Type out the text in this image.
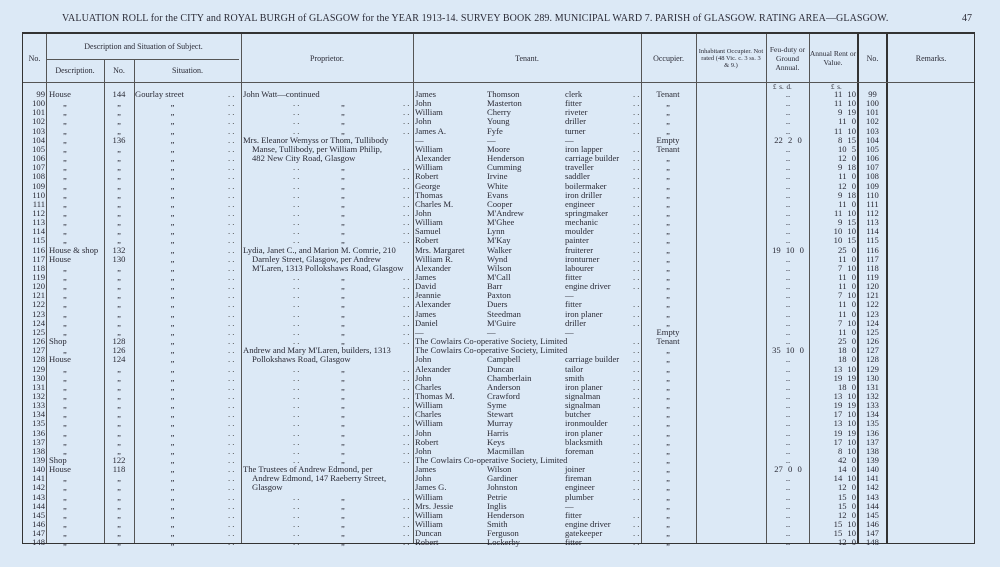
VALUATION ROLL for the CITY and ROYAL BURGH of GLASGOW for the YEAR 1913-14. SURVEY BOOK 289. MUNICIPAL WARD 7. PARISH of GLASGOW. RATING AREA—GLASGOW.	47
No.
Description and Situation of Subject.
Description.	No.	Situation.
Proprietor.	Tenant.	Occupier.
Inhabitant Occupier. Not rated (48 Vic. c. 3 ss. 3 & 9.)
Feu-duty or Ground Annual.
Annual Rent or Value.	No.	Remarks.
£ s. d.	£ s.
99 House	144	Gourlay street	. . John Watt—continued	James	Thomson	clerk	. .	Tenant	..	11 10	99
100	„	„	„	. .	. .	„	. . John	Masterton	fitter	. .	„	..	11 10	100
101	„	„	„	. .	. .	„	. . William	Cherry	riveter	. .	„	..	9 19	101
102	„	„	„	. .	. .	„	. . John	Young	driller	. .	„	..	11 0	102
103	„	„	„	. .	. .	„	. . James A.	Fyfe	turner	. .	„	..	11 10	103
104	„	136	„	. . Mrs. Eleanor Wemyss or Thom, Tullibody	—	—	—	Empty	22 2 0	8 15	104
105	„	„	„	. . Manse, Tullibody, per William Philip,	William	Moore	iron lapper	. .	Tenant	..	10 5	105
106	„	„	„	. . 482 New City Road, Glasgow	Alexander	Henderson	carriage builder . .	„	..	12 0	106
107	„	„	„	. .	. .	„	. . William	Cumming	traveller	. .	„	..	9 18	107
108	„	„	„	. .	. .	„	. . Robert	Irvine	saddler	. .	„	..	11 0	108
109	„	„	„	. .	. .	„	. . George	White	boilermaker	. .	„	..	12 0	109
110	„	„	„	. .	. .	„	. . Thomas	Evans	iron driller	. .	„	..	9 18	110
111	„	„	„	. .	. .	„	. . Charles M.	Cooper	engineer	. .	„	..	11 0	111
112	„	„	„	. .	. .	„	. . John	M'Andrew	springmaker	. .	„	..	11 10	112
113	„	„	„	. .	. .	„	. . William	M'Ghee	mechanic	. .	„	..	9 15	113
114	„	„	„	. .	. .	„	. . Samuel	Lynn	moulder	. .	„	..	10 10	114
115	„	„	„	. .	. .	„	. . Robert	M'Kay	painter	. .	„	..	10 15	115
116 House & shop	132	„	. . Lydia, Janet C., and Marion M. Comrie, 210	Mrs. Margaret	Walker	fruiterer	. .	„	19 10 0	25 0	116
117 House	130	„	. . Darnley Street, Glasgow, per Andrew	William R.	Wynd	ironturner	. .	„	..	11 0	117
118	„	„	„	. . M'Laren, 1313 Pollokshaws Road, Glasgow	Alexander	Wilson	labourer	. .	„	..	7 10	118
119	„	„	„	. .	. .	„	. . James	M'Call	fitter	. .	„	..	11 0	119
120	„	„	„	. .	. .	„	. . David	Barr	engine driver	. .	„	..	11 0	120
121	„	„	„	. .	. .	„	. . Jeannie	Paxton	—	„	..	7 10	121
122	„	„	„	. .	. .	„	. . Alexander	Duers	fitter	. .	„	..	11 0	122
123	„	„	„	. .	. .	„	. . James	Steedman	iron planer	. .	„	..	11 0	123
124	„	„	„	. .	. .	„	. . Daniel	M'Guire	driller	. .	„	..	7 10	124
125	„	„	„	. .	. .	„	. . —	—	—	Empty	..	11 0	125
126 Shop	128	„	. .	. .	„	. . The Cowlairs Co-operative Society, Limited	. .	Tenant	..	25 0	126
127	„	126	„	. . Andrew and Mary M'Laren, builders, 1313	The Cowlairs Co-operative Society, Limited	. .	„	35 10 0	18 0	127
128 House	124	„	. . Pollokshaws Road, Glasgow	John	Campbell	carriage builder . .	„	..	18 0	128
129	„	„	„	. .	. .	„	. . Alexander	Duncan	tailor	. .	„	..	13 10	129
130	„	„	„	. .	. .	„	. . John	Chamberlain	smith	. .	„	..	19 19	130
131	„	„	„	. .	. .	„	. . Charles	Anderson	iron planer	. .	„	..	18 0	131
132	„	„	„	. .	. .	„	. . Thomas M.	Crawford	signalman	. .	„	..	13 10	132
133	„	„	„	. .	. .	„	. . William	Syme	signalman	. .	„	..	19 19	133
134	„	„	„	. .	. .	„	. . Charles	Stewart	butcher	. .	„	..	17 10	134
135	„	„	„	. .	. .	„	. . William	Murray	ironmoulder	. .	„	..	13 10	135
136	„	„	„	. .	. .	„	. . John	Harris	iron planer	. .	„	..	19 19	136
137	„	„	„	. .	. .	„	. . Robert	Keys	blacksmith	. .	„	..	17 10	137
138	„	„	„	. .	. .	„	. . John	Macmillan	foreman	. .	„	..	8 10	138
139 Shop	122	„	. .	. .	„	. . The Cowlairs Co-operative Society, Limited	. .	„	..	42 0	139
140 House	118	„	. . The Trustees of Andrew Edmond, per	James	Wilson	joiner	. .	„	27 0 0	14 0	140
141	„	„	„	. . Andrew Edmond, 147 Raeberry Street,	John	Gardiner	fireman	. .	„	..	14 10	141
142	„	„	„	. . Glasgow	James G.	Johnston	engineer	. .	„	..	12 0	142
143	„	„	„	. .	. .	„	. . William	Petrie	plumber	. .	„	..	15 0	143
144	„	„	„	. .	. .	„	. . Mrs. Jessie	Inglis	—	„	..	15 0	144
145	„	„	„	. .	. .	„	. . William	Henderson	fitter	. .	„	..	12 0	145
146	„	„	„	. .	. .	„	. . William	Smith	engine driver	. .	„	..	15 10	146
147	„	„	„	. .	. .	„	. . Duncan	Ferguson	gatekeeper	. .	„	..	15 10	147
148	„	„	„	. .	. .	„	. . Robert	Lockerby	fitter	. .	„	..	12 0	148
